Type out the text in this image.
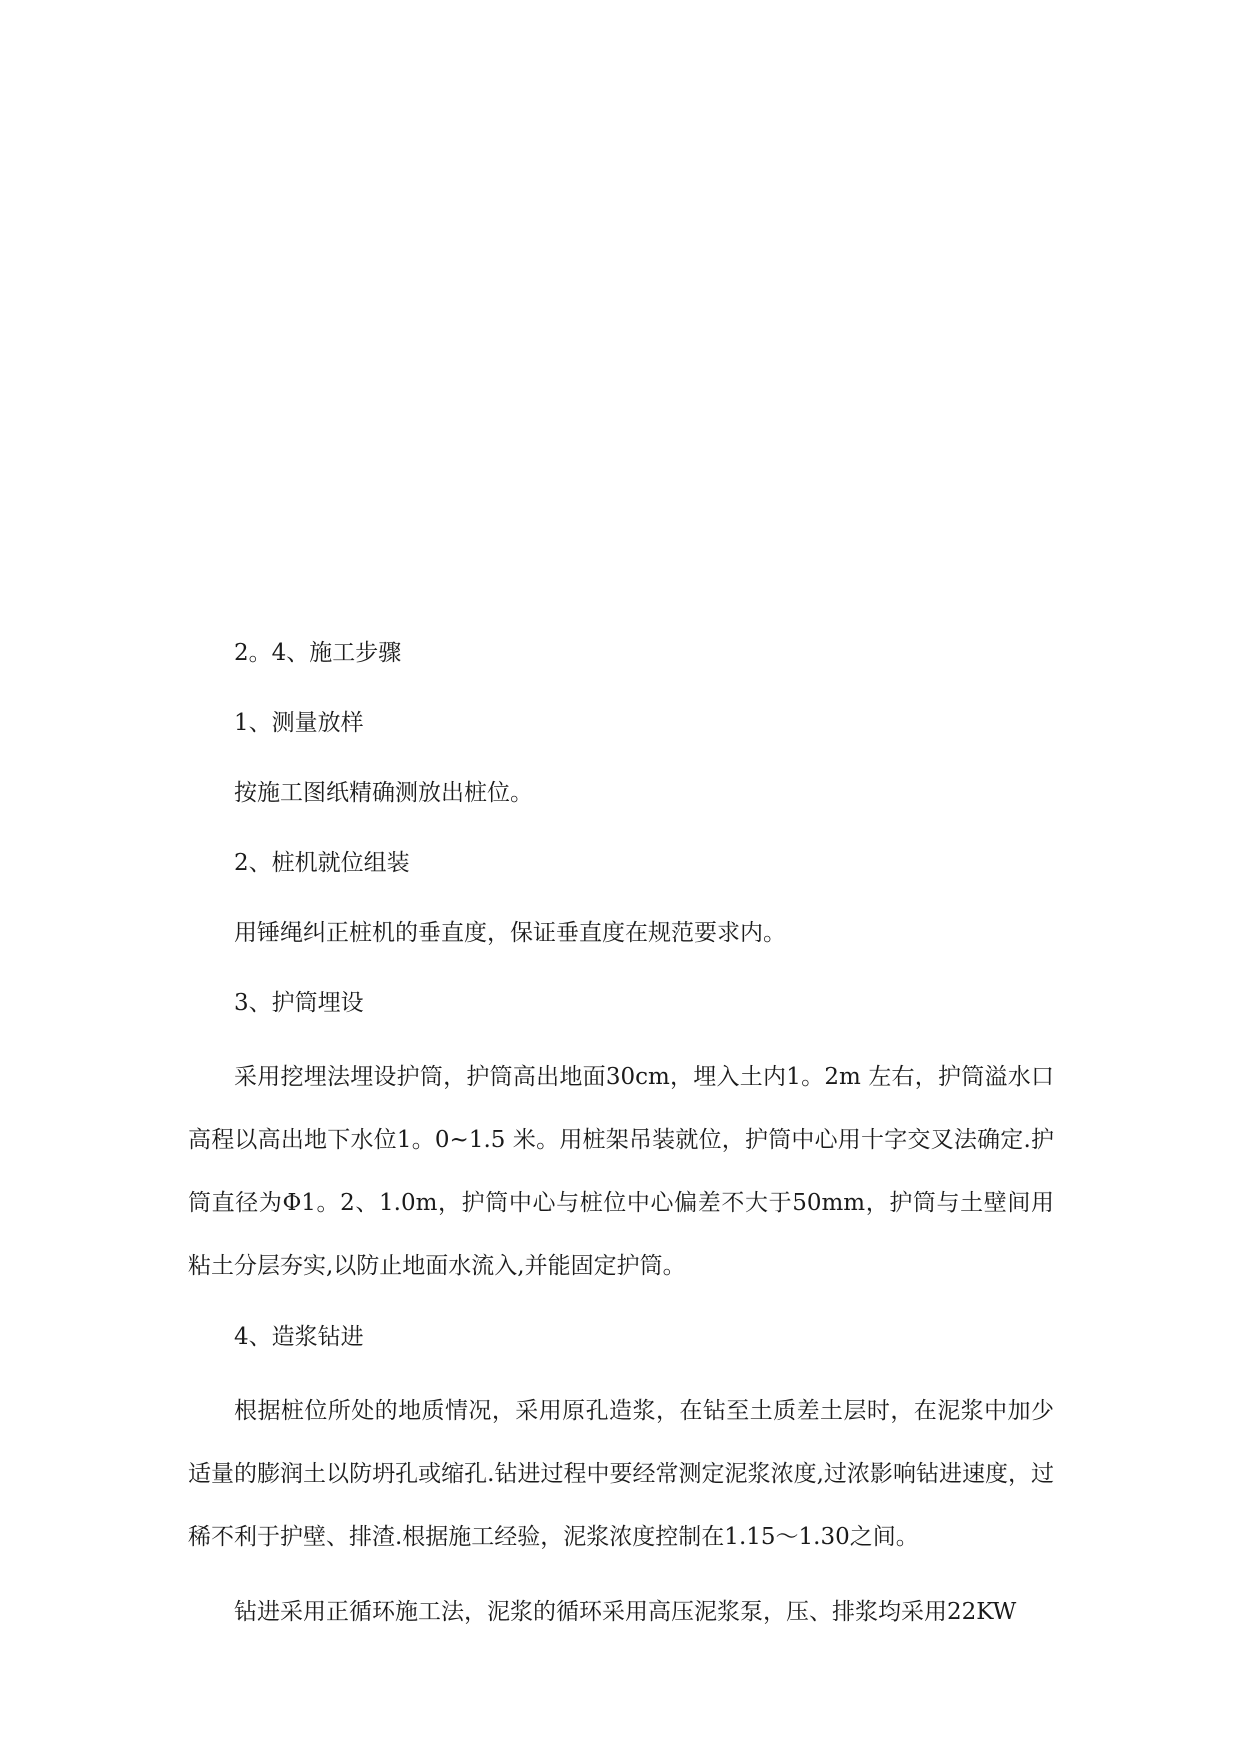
2。4、施工步骤

1、测量放样

按施工图纸精确测放出桩位。

2、桩机就位组装

用锤绳纠正桩机的垂直度，保证垂直度在规范要求内。

3、护筒埋设

采用挖埋法埋设护筒，护筒高出地面30cm，埋入土内1。2m 左右，护筒溢水口高程以高出地下水位1。0~1.5 米。用桩架吊装就位，护筒中心用十字交叉法确定.护筒直径为Φ1。2、1.0m，护筒中心与桩位中心偏差不大于50mm，护筒与土壁间用粘土分层夯实,以防止地面水流入,并能固定护筒。

4、造浆钻进

根据桩位所处的地质情况，采用原孔造浆，在钻至土质差土层时，在泥浆中加少适量的膨润土以防坍孔或缩孔.钻进过程中要经常测定泥浆浓度,过浓影响钻进速度，过稀不利于护壁、排渣.根据施工经验，泥浆浓度控制在1.15～1.30之间。

钻进采用正循环施工法，泥浆的循环采用高压泥浆泵，压、排浆均采用22KW
